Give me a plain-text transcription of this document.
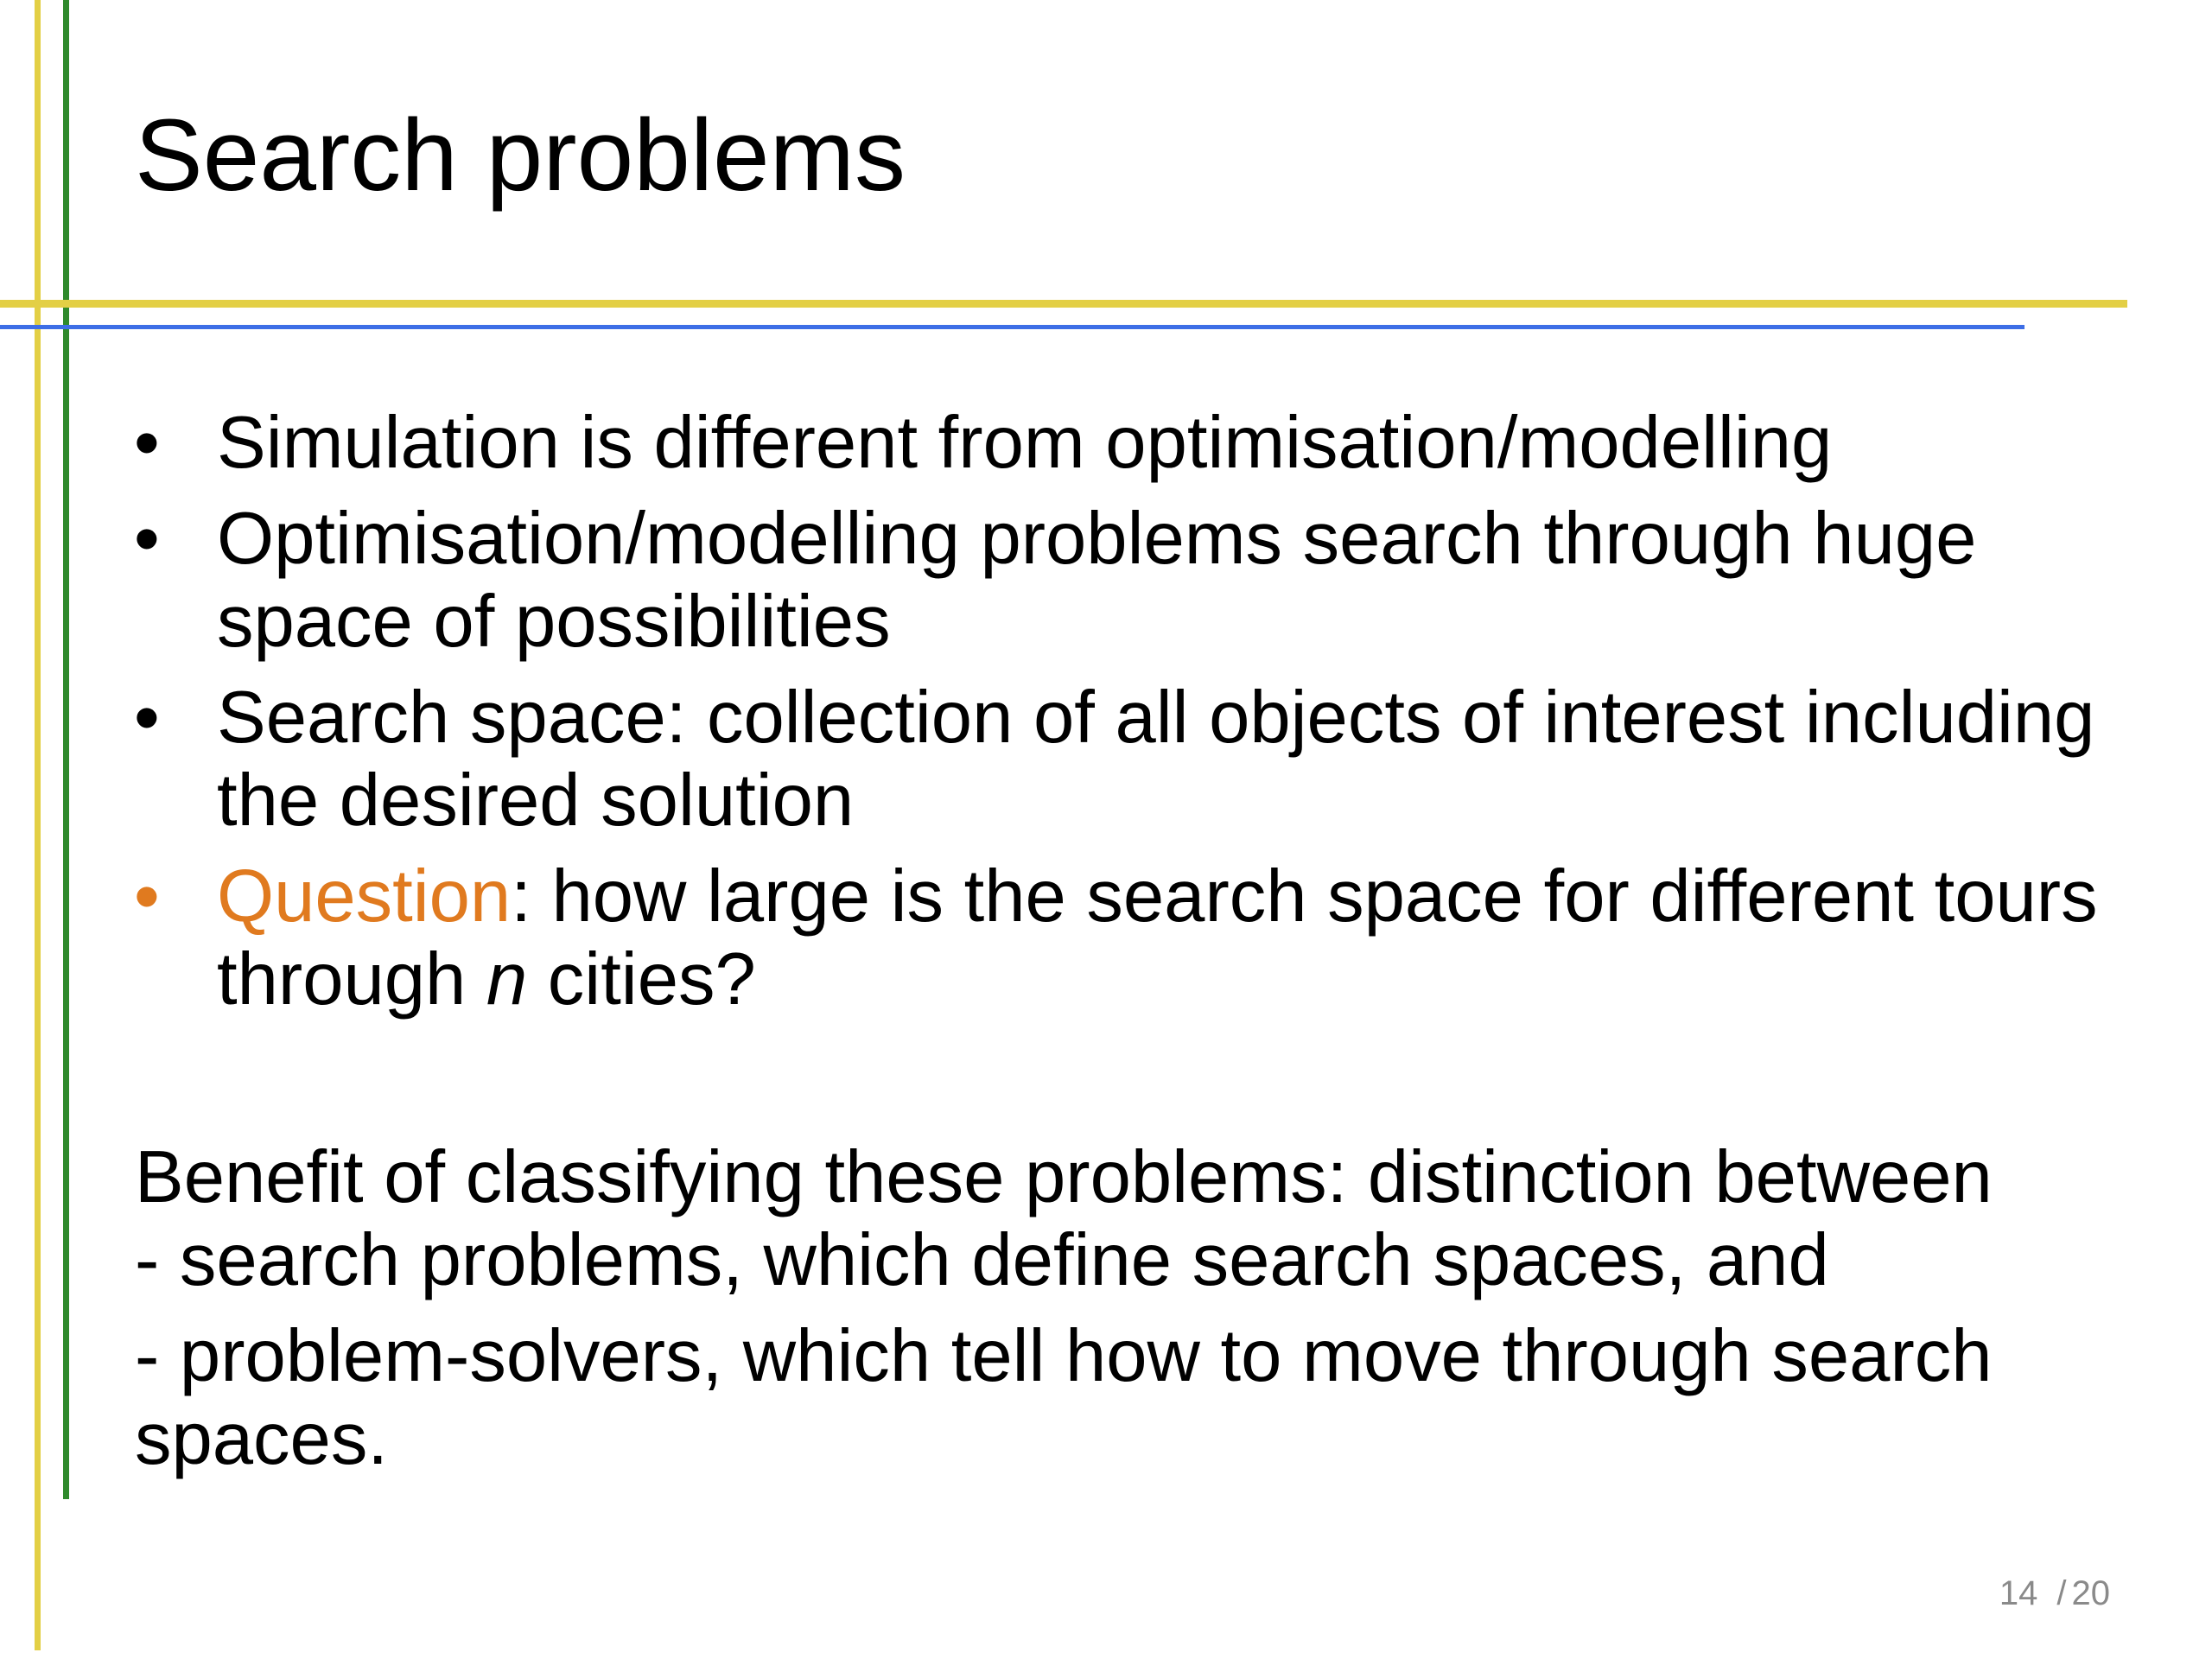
Search problems
• Simulation is different from optimisation/modelling
• Optimisation/modelling problems search through huge space of possibilities
• Search space: collection of all objects of interest including the desired solution
• Question: how large is the search space for different tours through n cities?

Benefit of classifying these problems: distinction between
- search problems, which define search spaces, and

- problem-solvers, which tell how to move through search spaces.

14 / 20
